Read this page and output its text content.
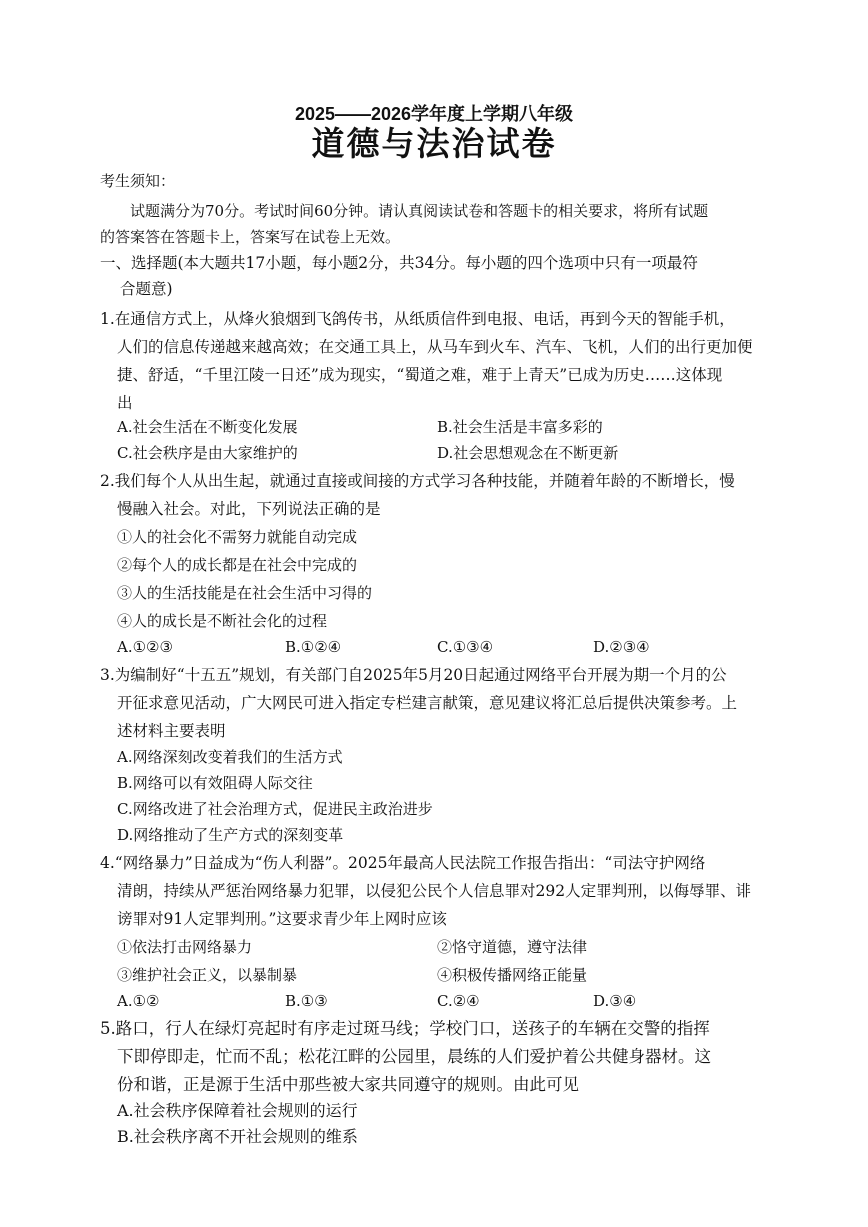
2025——2026学年度上学期八年级
道德与法治试卷
考生须知：
试题满分为70分。考试时间60分钟。请认真阅读试卷和答题卡的相关要求，将所有试题
的答案答在答题卡上，答案写在试卷上无效。
一、选择题(本大题共17小题，每小题2分，共34分。每小题的四个选项中只有一项最符
合题意)
1.在通信方式上，从烽火狼烟到飞鸽传书，从纸质信件到电报、电话，再到今天的智能手机，
人们的信息传递越来越高效；在交通工具上，从马车到火车、汽车、飞机，人们的出行更加便
捷、舒适，“千里江陵一日还”成为现实，“蜀道之难，难于上青天”已成为历史……这体现
出
A.社会生活在不断变化发展	B.社会生活是丰富多彩的
C.社会秩序是由大家维护的	D.社会思想观念在不断更新
2.我们每个人从出生起，就通过直接或间接的方式学习各种技能，并随着年龄的不断增长，慢
慢融入社会。对此，下列说法正确的是
①人的社会化不需努力就能自动完成
②每个人的成长都是在社会中完成的
③人的生活技能是在社会生活中习得的
④人的成长是不断社会化的过程
A.①②③	B.①②④	C.①③④	D.②③④
3.为编制好“十五五”规划，有关部门自2025年5月20日起通过网络平台开展为期一个月的公
开征求意见活动，广大网民可进入指定专栏建言献策，意见建议将汇总后提供决策参考。上
述材料主要表明
A.网络深刻改变着我们的生活方式
B.网络可以有效阻碍人际交往
C.网络改进了社会治理方式，促进民主政治进步
D.网络推动了生产方式的深刻变革
4.“网络暴力”日益成为“伤人利器”。2025年最高人民法院工作报告指出：“司法守护网络
清朗，持续从严惩治网络暴力犯罪，以侵犯公民个人信息罪对292人定罪判刑，以侮辱罪、诽
谤罪对91人定罪判刑。”这要求青少年上网时应该
①依法打击网络暴力	②恪守道德，遵守法律
③维护社会正义，以暴制暴	④积极传播网络正能量
A.①②	B.①③	C.②④	D.③④
5.路口，行人在绿灯亮起时有序走过斑马线；学校门口，送孩子的车辆在交警的指挥
下即停即走，忙而不乱；松花江畔的公园里，晨练的人们爱护着公共健身器材。这
份和谐，正是源于生活中那些被大家共同遵守的规则。由此可见
A.社会秩序保障着社会规则的运行
B.社会秩序离不开社会规则的维系
